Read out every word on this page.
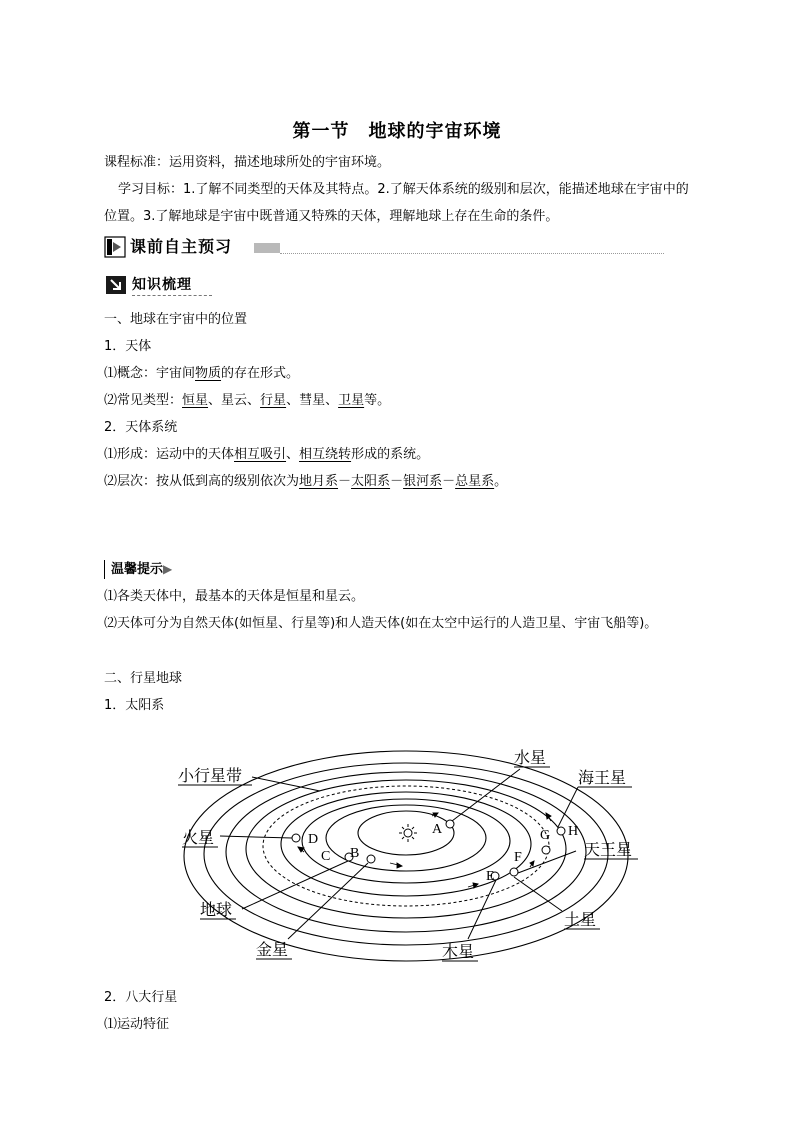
第一节　地球的宇宙环境
课程标准：运用资料，描述地球所处的宇宙环境。
学习目标：1.了解不同类型的天体及其特点。2.了解天体系统的级别和层次，能描述地球在宇宙中的
位置。3.了解地球是宇宙中既普通又特殊的天体，理解地球上存在生命的条件。
课前自主预习
知识梳理
一、地球在宇宙中的位置
1．天体
⑴概念：宇宙间物质的存在形式。
⑵常见类型：恒星、星云、行星、彗星、卫星等。
2．天体系统
⑴形成：运动中的天体相互吸引、相互绕转形成的系统。
⑵层次：按从低到高的级别依次为地月系－太阳系－银河系－总星系。
温馨提示▶
⑴各类天体中，最基本的天体是恒星和星云。
⑵天体可分为自然天体(如恒星、行星等)和人造天体(如在太空中运行的人造卫星、宇宙飞船等)。
二、行星地球
1．太阳系
A
B
C
D
E
F
G H
小行星带
火星
地球
金星
水星
海王星
天王星
土星
木星
2．八大行星
⑴运动特征
